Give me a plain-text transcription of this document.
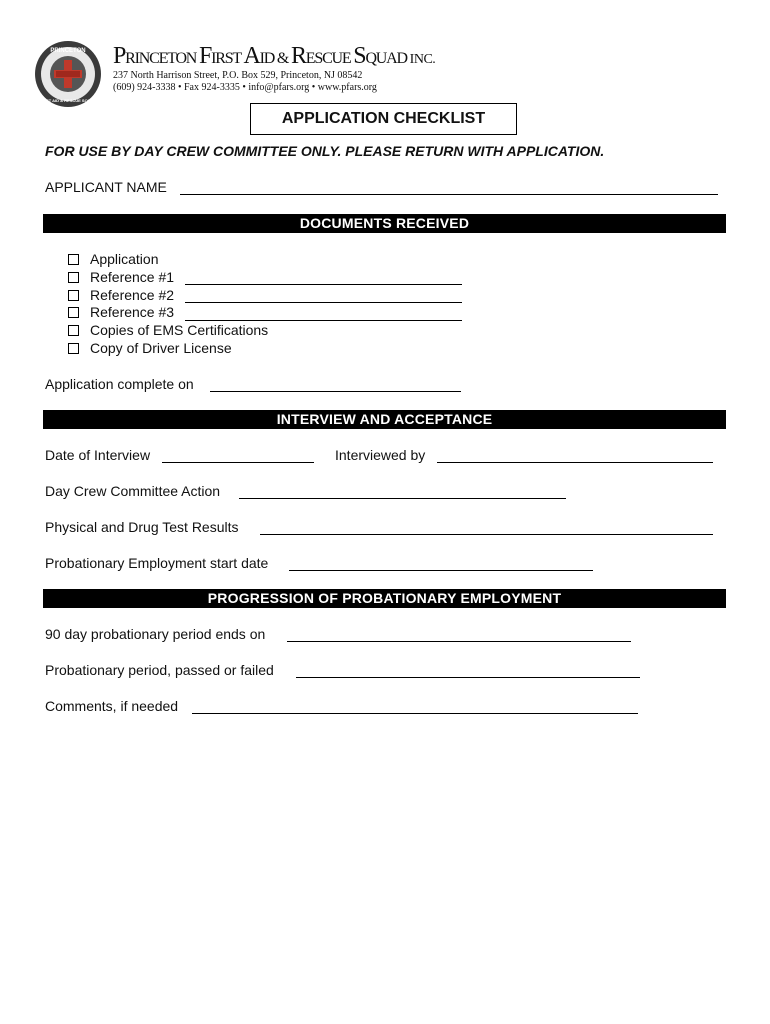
PRINCETON
FIRST AID & RESCUE SQUAD
PRINCETON FIRST AID & RESCUE SQUAD INC.
237 North Harrison Street, P.O. Box 529, Princeton, NJ 08542
(609) 924-3338 • Fax 924-3335 • info@pfars.org • www.pfars.org
APPLICATION CHECKLIST
FOR USE BY DAY CREW COMMITTEE ONLY. PLEASE RETURN WITH APPLICATION.
APPLICANT NAME
DOCUMENTS RECEIVED
Application
Reference #1
Reference #2
Reference #3
Copies of EMS Certifications
Copy of Driver License
Application complete on
INTERVIEW AND ACCEPTANCE
Date of Interview	Interviewed by
Day Crew Committee Action
Physical and Drug Test Results
Probationary Employment start date
PROGRESSION OF PROBATIONARY EMPLOYMENT
90 day probationary period ends on
Probationary period, passed or failed
Comments, if needed
